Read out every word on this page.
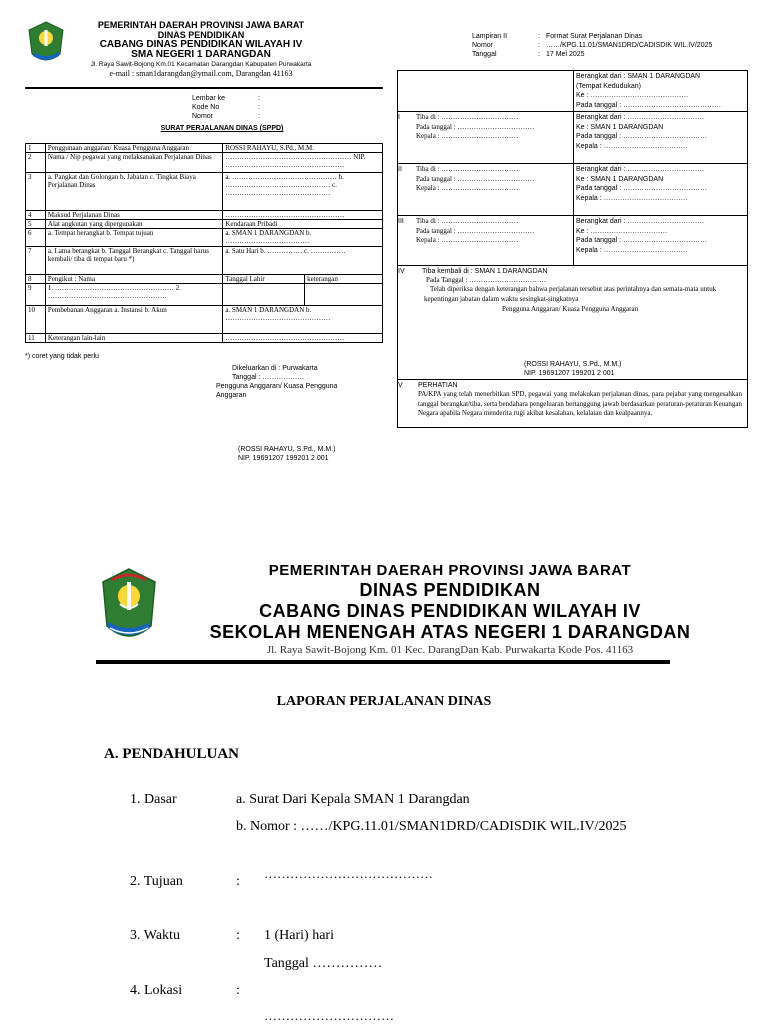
PEMERINTAH DAERAH PROVINSI JAWA BARAT
DINAS PENDIDIKAN
CABANG DINAS PENDIDIKAN WILAYAH IV
SMA NEGERI 1 DARANGDAN
Jl. Raya Sawit-Bojong Km.01 Kecamatan Darangdan Kabupaten Purwakarta
e-mail : sman1darangdan@ymail.com, Darangdan 41163
Lampiran II	: Format Surat Perjalanan Dinas
Nomor	: ……/KPG.11.01/SMAN1DRD/CADISDIK WIL.IV/2025
Tanggal	: 17 Mei 2025
Lembar ke	:
Kode No	:
Nomor	:
SURAT PERJALANAN DINAS (SPPD)
1	Penggunaan anggaran/ Kuasa Pengguna Anggaran	ROSSI RAHAYU, S.Pd., M.M.	
2	Nama / Nip pegawai yang melaksanakan Perjalanan Dinas	……………………………………………… NIP. ……………………………………………	
3	a. Pangkat dan Golongan b. Jabatan c. Tingkat Biaya Perjalanan Dinas	a. ……………………………………… b. ……………………………………… c. ………………………………………	
4	Maksud Perjalanan Dinas	……………………………………………	
5	Alat angkutan yang dipergunakan	Kendaraan Pribadi	
6	a. Tempat berangkat b. Tempat tujuan	a. SMAN 1 DARANGDAN b. ………………………………	
7	a. Lama berangkat b. Tanggal Berangkat c. Tanggal harus kembali/ tiba di tempat baru *)	a. Satu Hari b. …………… c. ……………	
8	Pengikut : Nama	Tanggal Lahir	keterangan
9	1. …………………………………………… 2. ……………………………………………		
10	Pembebanan Anggaran a. Instansi b. Akun	a. SMAN 1 DARANGDAN b. ………………………………………	
11	Keterangan lain-lain	……………………………………………	
*) coret yang tidak perlu
Dikeluarkan di : Purwakarta
Tanggal : ………………
Pengguna Anggaran/ Kuasa Pengguna Anggaran
(ROSSI RAHAYU, S.Pd., M.M.)
NIP. 19691207 199201 2 001
Berangkat dari : SMAN 1 DARANGDAN
(Tempat Kedudukan)
Ke : ……………………………………
Pada tanggal : ……………………………………
I Tiba di : ……………………………
Pada tanggal : ……………………………
Kepala : ……………………………
Berangkat dari : ……………………………
Ke : SMAN 1 DARANGDAN
Pada tanggal : ………………………………
Kepala : ………………………………
II Tiba di : ……………………………
Pada tanggal : ……………………………
Kepala : ……………………………
Berangkat dari : ……………………………
Ke : SMAN 1 DARANGDAN
Pada tanggal : ………………………………
Kepala : ………………………………
III Tiba di : ……………………………
Pada tanggal : ……………………………
Kepala : ……………………………
Berangkat dari : ……………………………
Ke : ……………………………
Pada tanggal : ………………………………
Kepala : ………………………………
IV Tiba kembali di : SMAN 1 DARANGDAN
Pada Tanggal : ……………………………
Telah diperiksa dengan keterangan bahwa perjalanan tersebut atas perintahnya dan semata-mata untuk kepentingan jabatan dalam waktu sesingkat-singkatnya
Pengguna Anggaran/ Kuasa Pengguna Anggaran
(ROSSI RAHAYU, S.Pd., M.M.)
NIP. 19691207 199201 2 001
V PERHATIAN
PA/KPA yang telah menerbitkan SPD, pegawai yang melakukan perjalanan dinas, para pejabat yang mengesahkan tanggal berangkat/tiba, serta bendahara pengeluaran bertanggung jawab berdasarkan peraturan-peraturan Keuangan Negara apabila Negara menderita rugi akibat kesalahan, kelalaian dan kealpaannya.
PEMERINTAH DAERAH PROVINSI JAWA BARAT
DINAS PENDIDIKAN
CABANG DINAS PENDIDIKAN WILAYAH IV
SEKOLAH MENENGAH ATAS NEGERI 1 DARANGDAN
Jl. Raya Sawit-Bojong Km. 01 Kec. DarangDan Kab. Purwakarta Kode Pos. 41163
LAPORAN PERJALANAN DINAS
A. PENDAHULUAN
1. Dasar	a. Surat Dari Kepala SMAN 1 Darangdan
b. Nomor : ……/KPG.11.01/SMAN1DRD/CADISDIK WIL.IV/2025
2. Tujuan	:
…………………………………
3. Waktu	: 1 (Hari) hari
Tanggal ……………
4. Lokasi	:
…………………………
